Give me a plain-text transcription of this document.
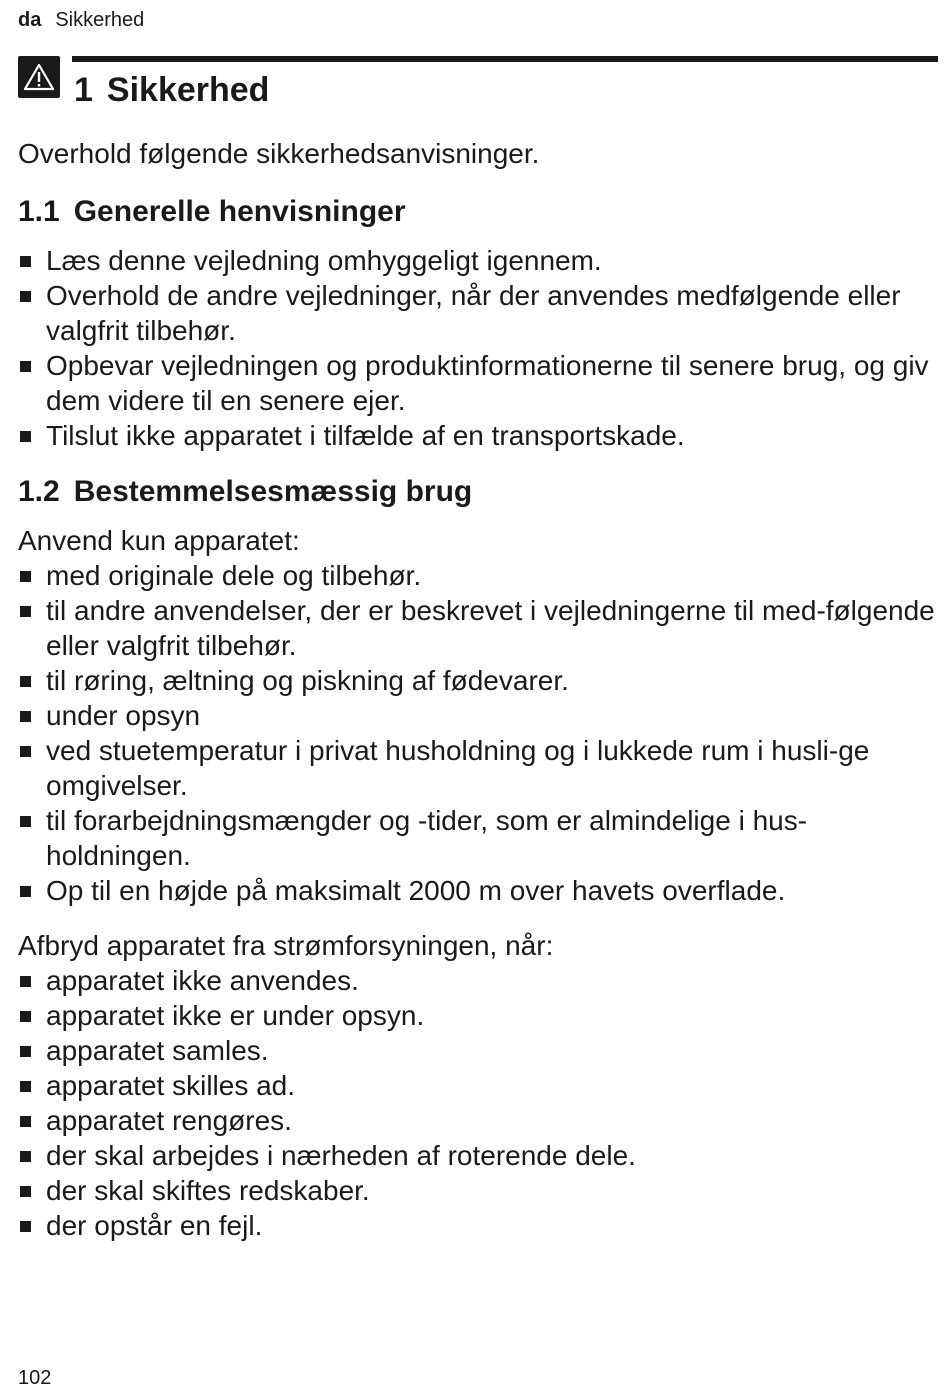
da Sikkerhed
1 Sikkerhed

Overhold følgende sikkerhedsanvisninger.

1.1 Generelle henvisninger
Læs denne vejledning omhyggeligt igennem.
Overhold de andre vejledninger, når der anvendes medfølgende eller valgfrit tilbehør.
Opbevar vejledningen og produktinformationerne til senere brug, og giv dem videre til en senere ejer.
Tilslut ikke apparatet i tilfælde af en transportskade.
1.2 Bestemmelsesmæssig brug

Anvend kun apparatet:

med originale dele og tilbehør.
til andre anvendelser, der er beskrevet i vejledningerne til med-følgende eller valgfrit tilbehør.
til røring, æltning og piskning af fødevarer.
under opsyn
ved stuetemperatur i privat husholdning og i lukkede rum i husli-ge omgivelser.
til forarbejdningsmængder og -tider, som er almindelige i hus-holdningen.
Op til en højde på maksimalt 2000 m over havets overflade.

Afbryd apparatet fra strømforsyningen, når:

apparatet ikke anvendes.
apparatet ikke er under opsyn.
apparatet samles.
apparatet skilles ad.
apparatet rengøres.
der skal arbejdes i nærheden af roterende dele.
der skal skiftes redskaber.
der opstår en fejl.
102
